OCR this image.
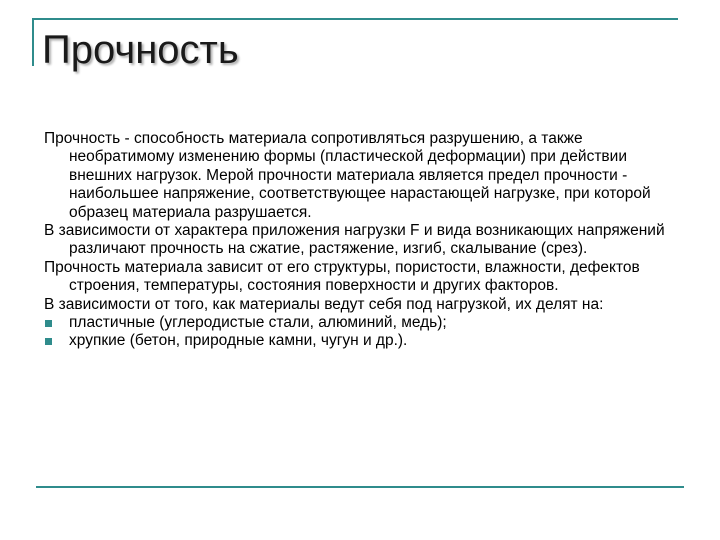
Прочность

Прочность - способность материала сопротивляться разрушению, а также необратимому изменению формы (пластической деформации) при действии внешних нагрузок. Мерой прочности материала является предел прочности - наибольшее напряжение, соответствующее нарастающей нагрузке, при которой образец материала разрушается.

В зависимости от характера приложения нагрузки F и вида возникающих напряжений различают прочность на сжатие, растяжение, изгиб, скалывание (срез).

Прочность материала зависит от его структуры, пористости, влажности, дефектов строения, температуры, состояния поверхности и других факторов.

В зависимости от того, как материалы ведут себя под нагрузкой, их делят на:

пластичные (углеродистые стали, алюминий, медь);
хрупкие (бетон, природные камни, чугун и др.).
